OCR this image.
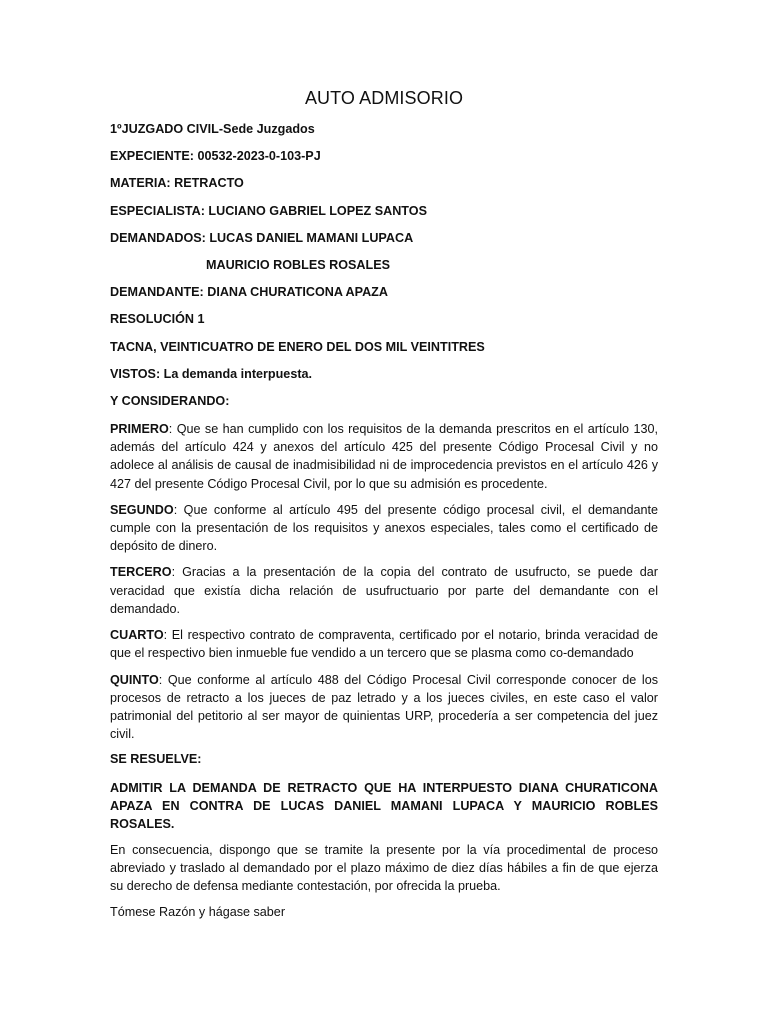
AUTO ADMISORIO

1ºJUZGADO CIVIL-Sede Juzgados

EXPECIENTE: 00532-2023-0-103-PJ

MATERIA: RETRACTO

ESPECIALISTA: LUCIANO GABRIEL LOPEZ SANTOS

DEMANDADOS: LUCAS DANIEL MAMANI LUPACA

MAURICIO ROBLES ROSALES

DEMANDANTE: DIANA CHURATICONA APAZA

RESOLUCIÓN 1

TACNA, VEINTICUATRO DE ENERO DEL DOS MIL VEINTITRES

VISTOS: La demanda interpuesta.

Y CONSIDERANDO:

PRIMERO: Que se han cumplido con los requisitos de la demanda prescritos en el artículo 130, además del artículo 424 y anexos del artículo 425 del presente Código Procesal Civil y no adolece al análisis de causal de inadmisibilidad ni de improcedencia previstos en el artículo 426 y 427 del presente Código Procesal Civil, por lo que su admisión es procedente.

SEGUNDO: Que conforme al artículo 495 del presente código procesal civil, el demandante cumple con la presentación de los requisitos y anexos especiales, tales como el certificado de depósito de dinero.

TERCERO: Gracias a la presentación de la copia del contrato de usufructo, se puede dar veracidad que existía dicha relación de usufructuario por parte del demandante con el demandado.

CUARTO: El respectivo contrato de compraventa, certificado por el notario, brinda veracidad de que el respectivo bien inmueble fue vendido a un tercero que se plasma como co-demandado

QUINTO: Que conforme al artículo 488 del Código Procesal Civil corresponde conocer de los procesos de retracto a los jueces de paz letrado y a los jueces civiles, en este caso el valor patrimonial del petitorio al ser mayor de quinientas URP, procedería a ser competencia del juez civil.

SE RESUELVE:

ADMITIR LA DEMANDA DE RETRACTO QUE HA INTERPUESTO DIANA CHURATICONA APAZA EN CONTRA DE LUCAS DANIEL MAMANI LUPACA Y MAURICIO ROBLES ROSALES.

En consecuencia, dispongo que se tramite la presente por la vía procedimental de proceso abreviado y traslado al demandado por el plazo máximo de diez días hábiles a fin de que ejerza su derecho de defensa mediante contestación, por ofrecida la prueba.

Tómese Razón y hágase saber
